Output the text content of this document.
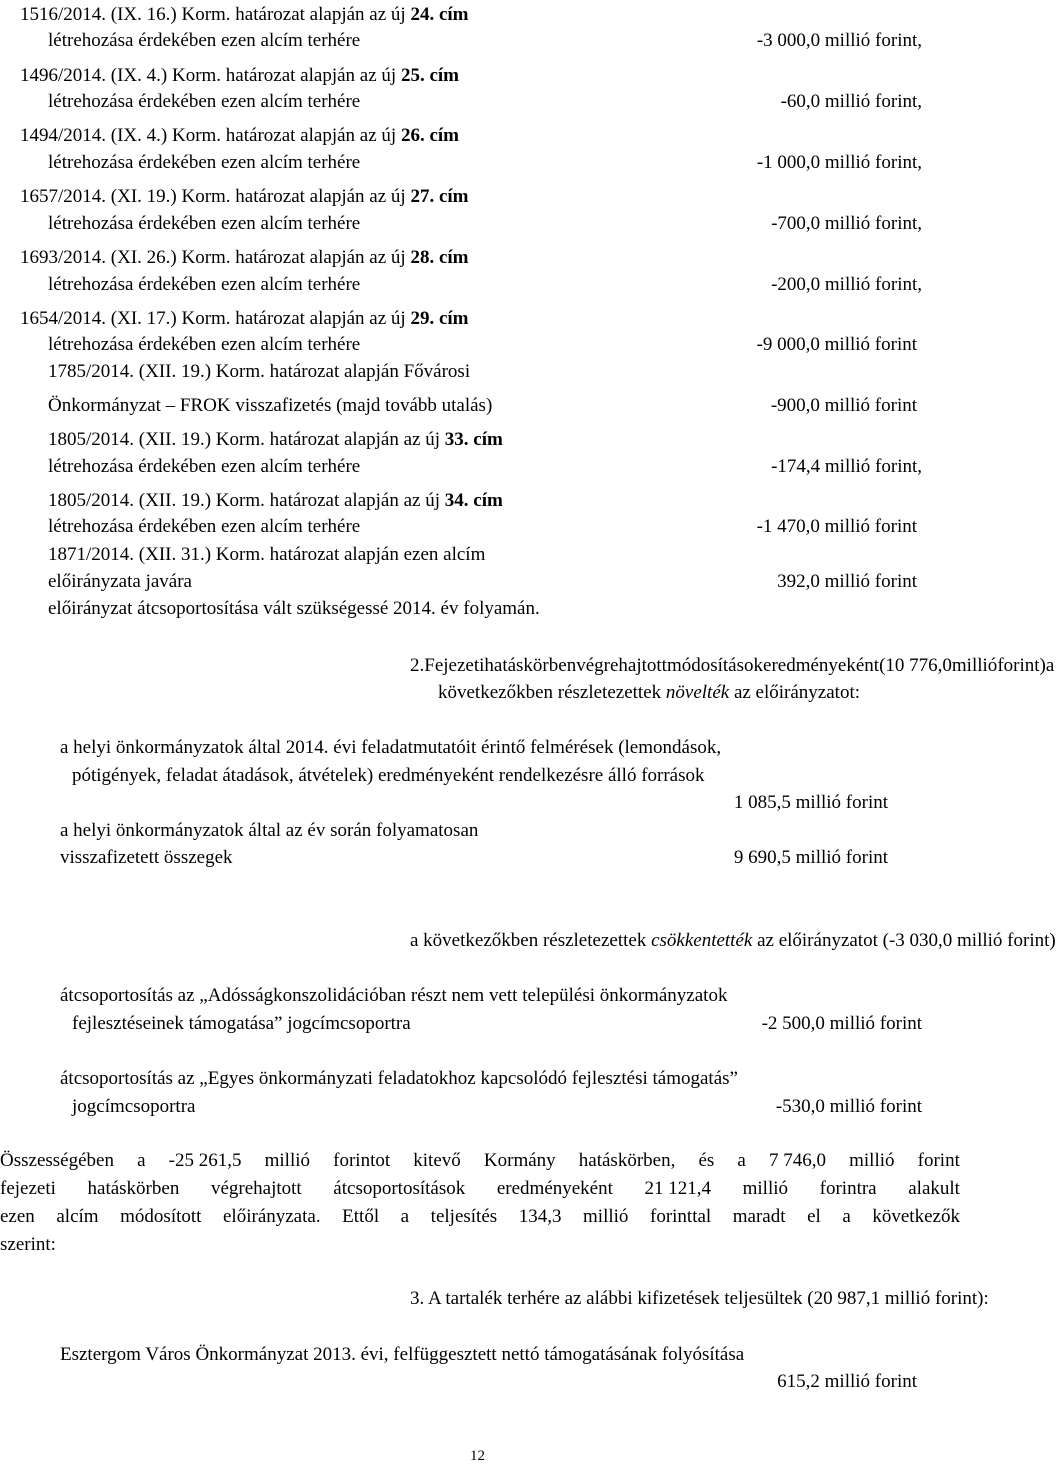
1516/2014. (IX. 16.) Korm. határozat alapján az új 24. cím
létrehozása érdekében ezen alcím terhére	-3 000,0 millió forint,
1496/2014. (IX. 4.) Korm. határozat alapján az új 25. cím
létrehozása érdekében ezen alcím terhére	-60,0 millió forint,
1494/2014. (IX. 4.) Korm. határozat alapján az új 26. cím
létrehozása érdekében ezen alcím terhére	-1 000,0 millió forint,
1657/2014. (XI. 19.) Korm. határozat alapján az új 27. cím
létrehozása érdekében ezen alcím terhére	-700,0 millió forint,
1693/2014. (XI. 26.) Korm. határozat alapján az új 28. cím
létrehozása érdekében ezen alcím terhére	-200,0 millió forint,
1654/2014. (XI. 17.) Korm. határozat alapján az új 29. cím
létrehozása érdekében ezen alcím terhére	-9 000,0 millió forint
1785/2014. (XII. 19.) Korm. határozat alapján Fővárosi
Önkormányzat – FROK visszafizetés (majd tovább utalás)	-900,0 millió forint
1805/2014. (XII. 19.) Korm. határozat alapján az új 33. cím
létrehozása érdekében ezen alcím terhére	-174,4 millió forint,
1805/2014. (XII. 19.) Korm. határozat alapján az új 34. cím
létrehozása érdekében ezen alcím terhére	-1 470,0 millió forint
1871/2014. (XII. 31.) Korm. határozat alapján ezen alcím
előirányzata javára	392,0 millió forint
előirányzat átcsoportosítása vált szükségessé 2014. év folyamán.
2. Fejezeti hatáskörben végrehajtott módosítások eredményeként (10 776,0 millió forint) a
következőkben részletezettek növelték az előirányzatot:
a helyi önkormányzatok által 2014. évi feladatmutatóit érintő felmérések (lemondások,
pótigények, feladat átadások, átvételek) eredményeként rendelkezésre álló források
1 085,5 millió forint
a helyi önkormányzatok által az év során folyamatosan
visszafizetett összegek	9 690,5 millió forint
a következőkben részletezettek csökkentették az előirányzatot (-3 030,0 millió forint)
átcsoportosítás az „Adósságkonszolidációban részt nem vett települési önkormányzatok
fejlesztéseinek támogatása” jogcímcsoportra	-2 500,0 millió forint
átcsoportosítás az „Egyes önkormányzati feladatokhoz kapcsolódó fejlesztési támogatás”
jogcímcsoportra	-530,0 millió forint
Összességében a -25 261,5 millió forintot kitevő Kormány hatáskörben, és a 7 746,0 millió forint
fejezeti hatáskörben végrehajtott átcsoportosítások eredményeként 21 121,4 millió forintra alakult
ezen alcím módosított előirányzata. Ettől a teljesítés 134,3 millió forinttal maradt el a következők
szerint:
3. A tartalék terhére az alábbi kifizetések teljesültek (20 987,1 millió forint):
Esztergom Város Önkormányzat 2013. évi, felfüggesztett nettó támogatásának folyósítása
615,2 millió forint
12
